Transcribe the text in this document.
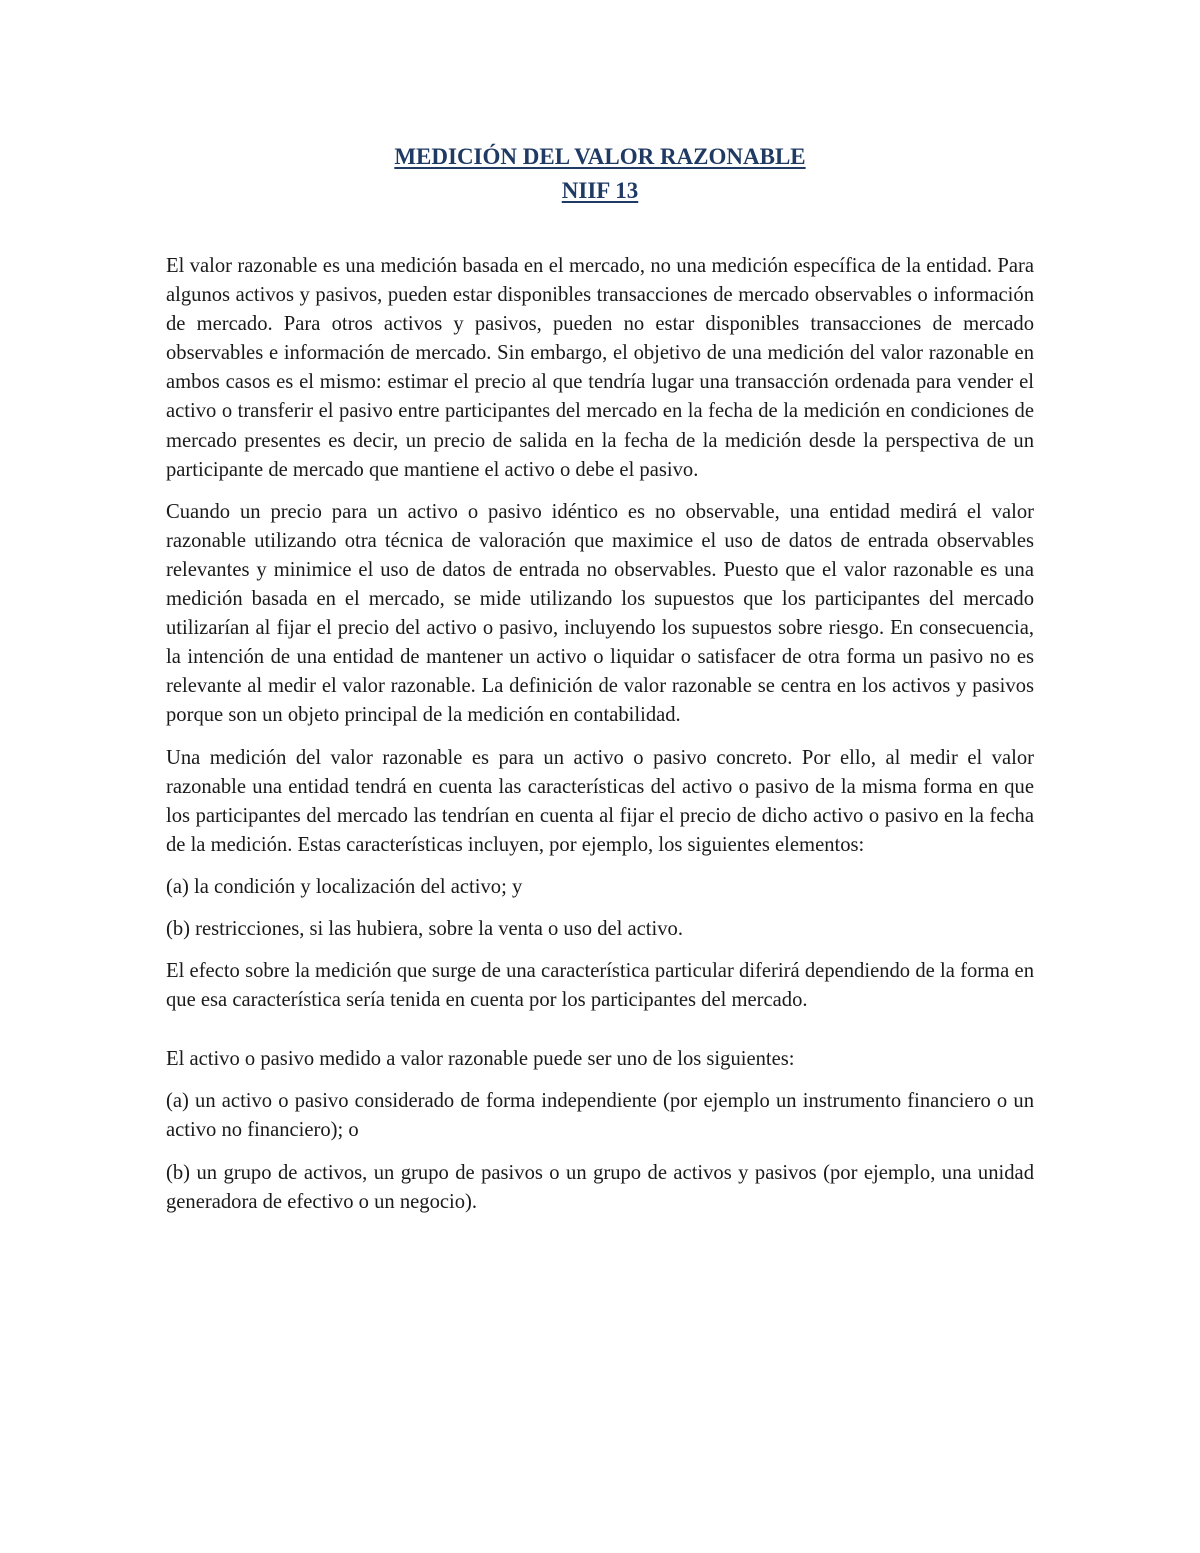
MEDICIÓN DEL VALOR RAZONABLE
NIIF 13

El valor razonable es una medición basada en el mercado, no una medición específica de la entidad. Para algunos activos y pasivos, pueden estar disponibles transacciones de mercado observables o información de mercado. Para otros activos y pasivos, pueden no estar disponibles transacciones de mercado observables e información de mercado. Sin embargo, el objetivo de una medición del valor razonable en ambos casos es el mismo: estimar el precio al que tendría lugar una transacción ordenada para vender el activo o transferir el pasivo entre participantes del mercado en la fecha de la medición en condiciones de mercado presentes es decir, un precio de salida en la fecha de la medición desde la perspectiva de un participante de mercado que mantiene el activo o debe el pasivo.

Cuando un precio para un activo o pasivo idéntico es no observable, una entidad medirá el valor razonable utilizando otra técnica de valoración que maximice el uso de datos de entrada observables relevantes y minimice el uso de datos de entrada no observables. Puesto que el valor razonable es una medición basada en el mercado, se mide utilizando los supuestos que los participantes del mercado utilizarían al fijar el precio del activo o pasivo, incluyendo los supuestos sobre riesgo. En consecuencia, la intención de una entidad de mantener un activo o liquidar o satisfacer de otra forma un pasivo no es relevante al medir el valor razonable. La definición de valor razonable se centra en los activos y pasivos porque son un objeto principal de la medición en contabilidad.

Una medición del valor razonable es para un activo o pasivo concreto. Por ello, al medir el valor razonable una entidad tendrá en cuenta las características del activo o pasivo de la misma forma en que los participantes del mercado las tendrían en cuenta al fijar el precio de dicho activo o pasivo en la fecha de la medición. Estas características incluyen, por ejemplo, los siguientes elementos:

(a) la condición y localización del activo; y

(b) restricciones, si las hubiera, sobre la venta o uso del activo.

El efecto sobre la medición que surge de una característica particular diferirá dependiendo de la forma en que esa característica sería tenida en cuenta por los participantes del mercado.

El activo o pasivo medido a valor razonable puede ser uno de los siguientes:

(a) un activo o pasivo considerado de forma independiente (por ejemplo un instrumento financiero o un activo no financiero); o

(b) un grupo de activos, un grupo de pasivos o un grupo de activos y pasivos (por ejemplo, una unidad generadora de efectivo o un negocio).
